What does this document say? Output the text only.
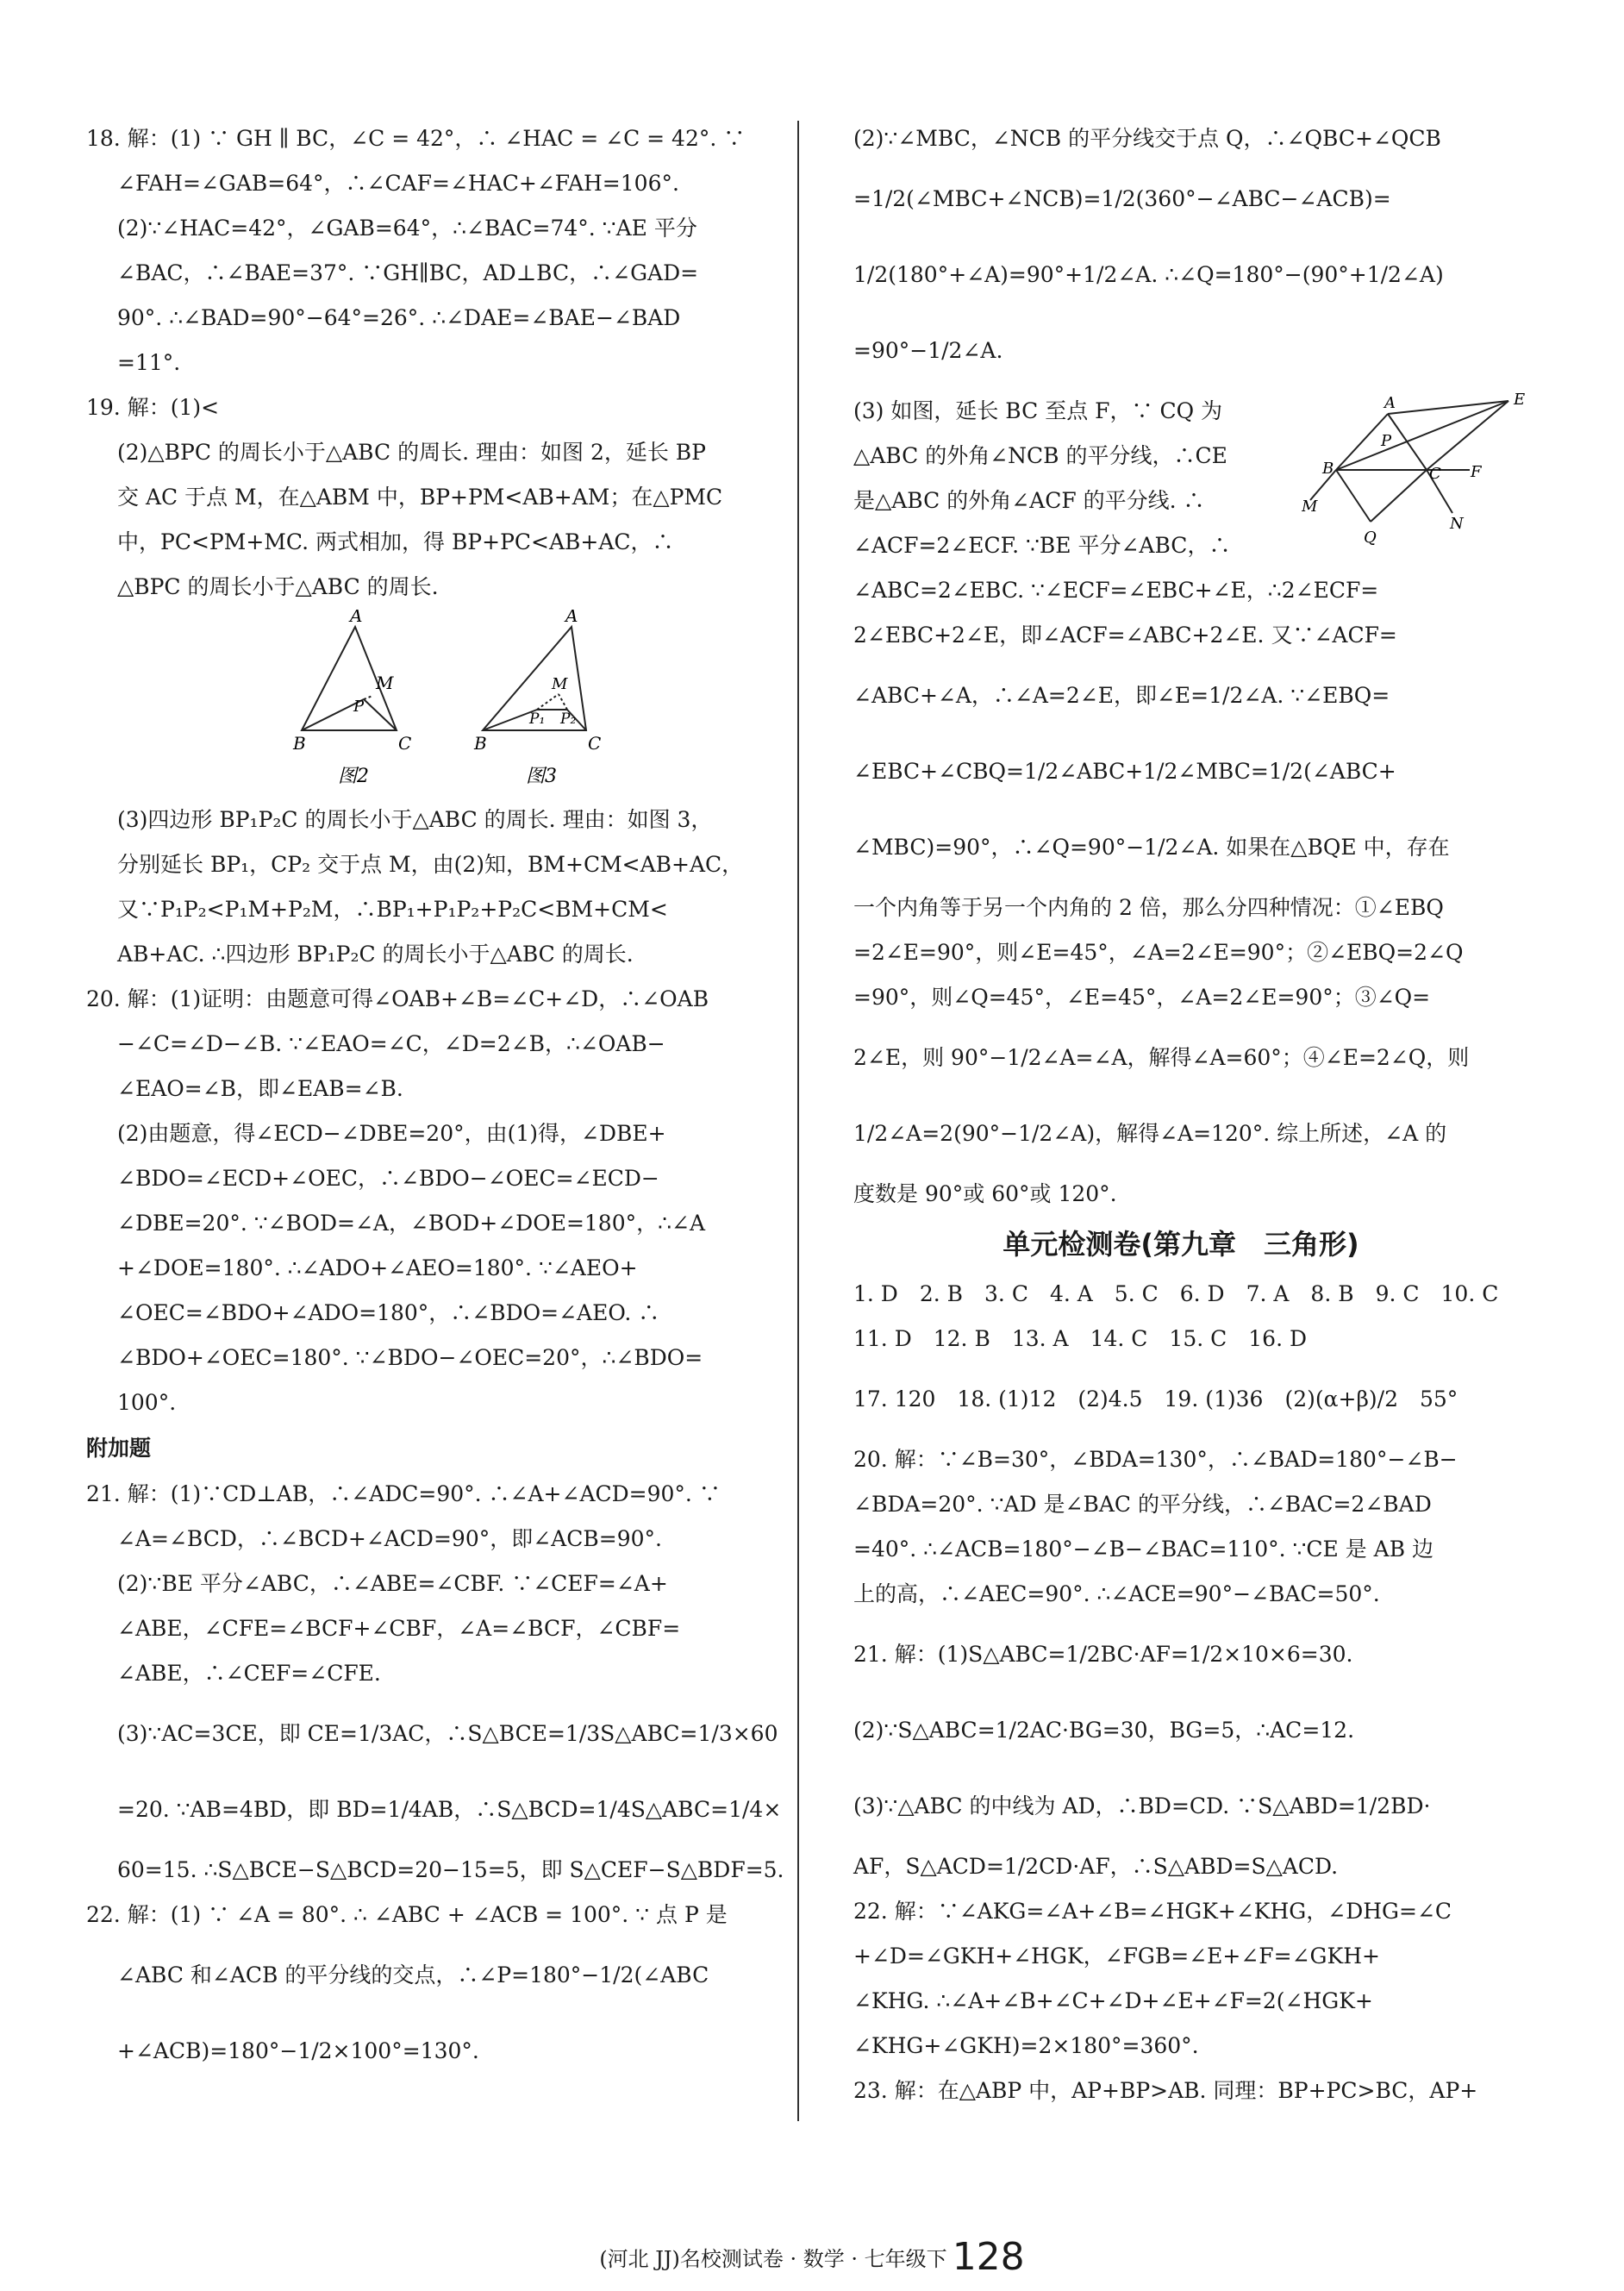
18. 解：(1) ∵ GH ∥ BC，∠C = 42°，∴ ∠HAC = ∠C = 42°. ∵
∠FAH=∠GAB=64°，∴∠CAF=∠HAC+∠FAH=106°.
(2)∵∠HAC=42°，∠GAB=64°，∴∠BAC=74°. ∵AE 平分
∠BAC，∴∠BAE=37°. ∵GH∥BC，AD⊥BC，∴∠GAD=
90°. ∴∠BAD=90°−64°=26°. ∴∠DAE=∠BAE−∠BAD
=11°.
19. 解：(1)<
(2)△BPC 的周长小于△ABC 的周长. 理由：如图 2，延长 BP
交 AC 于点 M，在△ABM 中，BP+PM<AB+AM；在△PMC
中，PC<PM+MC. 两式相加，得 BP+PC<AB+AC，∴
△BPC 的周长小于△ABC 的周长.
A
M
P
B	C
图2
A
M
P₁ P₂
B	C
图3
(3)四边形 BP₁P₂C 的周长小于△ABC 的周长. 理由：如图 3，
分别延长 BP₁，CP₂ 交于点 M，由(2)知，BM+CM<AB+AC，
又∵P₁P₂<P₁M+P₂M，∴BP₁+P₁P₂+P₂C<BM+CM<
AB+AC. ∴四边形 BP₁P₂C 的周长小于△ABC 的周长.
20. 解：(1)证明：由题意可得∠OAB+∠B=∠C+∠D，∴∠OAB
−∠C=∠D−∠B. ∵∠EAO=∠C，∠D=2∠B，∴∠OAB−
∠EAO=∠B，即∠EAB=∠B.
(2)由题意，得∠ECD−∠DBE=20°，由(1)得，∠DBE+
∠BDO=∠ECD+∠OEC，∴∠BDO−∠OEC=∠ECD−
∠DBE=20°. ∵∠BOD=∠A，∠BOD+∠DOE=180°，∴∠A
+∠DOE=180°. ∴∠ADO+∠AEO=180°. ∵∠AEO+
∠OEC=∠BDO+∠ADO=180°，∴∠BDO=∠AEO. ∴
∠BDO+∠OEC=180°. ∵∠BDO−∠OEC=20°，∴∠BDO=
100°.
附加题
21. 解：(1)∵CD⊥AB，∴∠ADC=90°. ∴∠A+∠ACD=90°. ∵
∠A=∠BCD，∴∠BCD+∠ACD=90°，即∠ACB=90°.
(2)∵BE 平分∠ABC，∴∠ABE=∠CBF. ∵∠CEF=∠A+
∠ABE，∠CFE=∠BCF+∠CBF，∠A=∠BCF，∠CBF=
∠ABE，∴∠CEF=∠CFE.
(3)∵AC=3CE，即 CE=1/3AC，∴S△BCE=1/3S△ABC=1/3×60
=20. ∵AB=4BD，即 BD=1/4AB，∴S△BCD=1/4S△ABC=1/4×
60=15. ∴S△BCE−S△BCD=20−15=5，即 S△CEF−S△BDF=5.
22. 解：(1) ∵ ∠A = 80°. ∴ ∠ABC + ∠ACB = 100°. ∵ 点 P 是
∠ABC 和∠ACB 的平分线的交点，∴∠P=180°−1/2(∠ABC
+∠ACB)=180°−1/2×100°=130°.
(2)∵∠MBC，∠NCB 的平分线交于点 Q，∴∠QBC+∠QCB
=1/2(∠MBC+∠NCB)=1/2(360°−∠ABC−∠ACB)=
1/2(180°+∠A)=90°+1/2∠A. ∴∠Q=180°−(90°+1/2∠A)
=90°−1/2∠A.
(3) 如图，延长 BC 至点 F，∵ CQ 为
△ABC 的外角∠NCB 的平分线，∴CE
是△ABC 的外角∠ACF 的平分线. ∴
∠ACF=2∠ECF. ∵BE 平分∠ABC，∴
∠ABC=2∠EBC. ∵∠ECF=∠EBC+∠E，∴2∠ECF=
2∠EBC+2∠E，即∠ACF=∠ABC+2∠E. 又∵∠ACF=
∠ABC+∠A，∴∠A=2∠E，即∠E=1/2∠A. ∵∠EBQ=
∠EBC+∠CBQ=1/2∠ABC+1/2∠MBC=1/2(∠ABC+
∠MBC)=90°，∴∠Q=90°−1/2∠A. 如果在△BQE 中，存在
一个内角等于另一个内角的 2 倍，那么分四种情况：①∠EBQ
=2∠E=90°，则∠E=45°，∠A=2∠E=90°；②∠EBQ=2∠Q
=90°，则∠Q=45°，∠E=45°，∠A=2∠E=90°；③∠Q=
2∠E，则 90°−1/2∠A=∠A，解得∠A=60°；④∠E=2∠Q，则
1/2∠A=2(90°−1/2∠A)，解得∠A=120°. 综上所述，∠A 的
度数是 90°或 60°或 120°.
单元检测卷(第九章　三角形)
1. D　2. B　3. C　4. A　5. C　6. D　7. A　8. B　9. C　10. C
11. D　12. B　13. A　14. C　15. C　16. D
17. 120　18. (1)12　(2)4.5　19. (1)36　(2)(α+β)/2　55°
20. 解：∵∠B=30°，∠BDA=130°，∴∠BAD=180°−∠B−
∠BDA=20°. ∵AD 是∠BAC 的平分线，∴∠BAC=2∠BAD
=40°. ∴∠ACB=180°−∠B−∠BAC=110°. ∵CE 是 AB 边
上的高，∴∠AEC=90°. ∴∠ACE=90°−∠BAC=50°.
21. 解：(1)S△ABC=1/2BC·AF=1/2×10×6=30.
(2)∵S△ABC=1/2AC·BG=30，BG=5，∴AC=12.
(3)∵△ABC 的中线为 AD，∴BD=CD. ∵S△ABD=1/2BD·
AF，S△ACD=1/2CD·AF，∴S△ABD=S△ACD.
22. 解：∵∠AKG=∠A+∠B=∠HGK+∠KHG，∠DHG=∠C
+∠D=∠GKH+∠HGK，∠FGB=∠E+∠F=∠GKH+
∠KHG. ∴∠A+∠B+∠C+∠D+∠E+∠F=2(∠HGK+
∠KHG+∠GKH)=2×180°=360°.
23. 解：在△ABP 中，AP+BP>AB. 同理：BP+PC>BC，AP+
A	E
P
B	C F
M
N
Q
(河北 JJ)名校测试卷 · 数学 · 七年级下 128
